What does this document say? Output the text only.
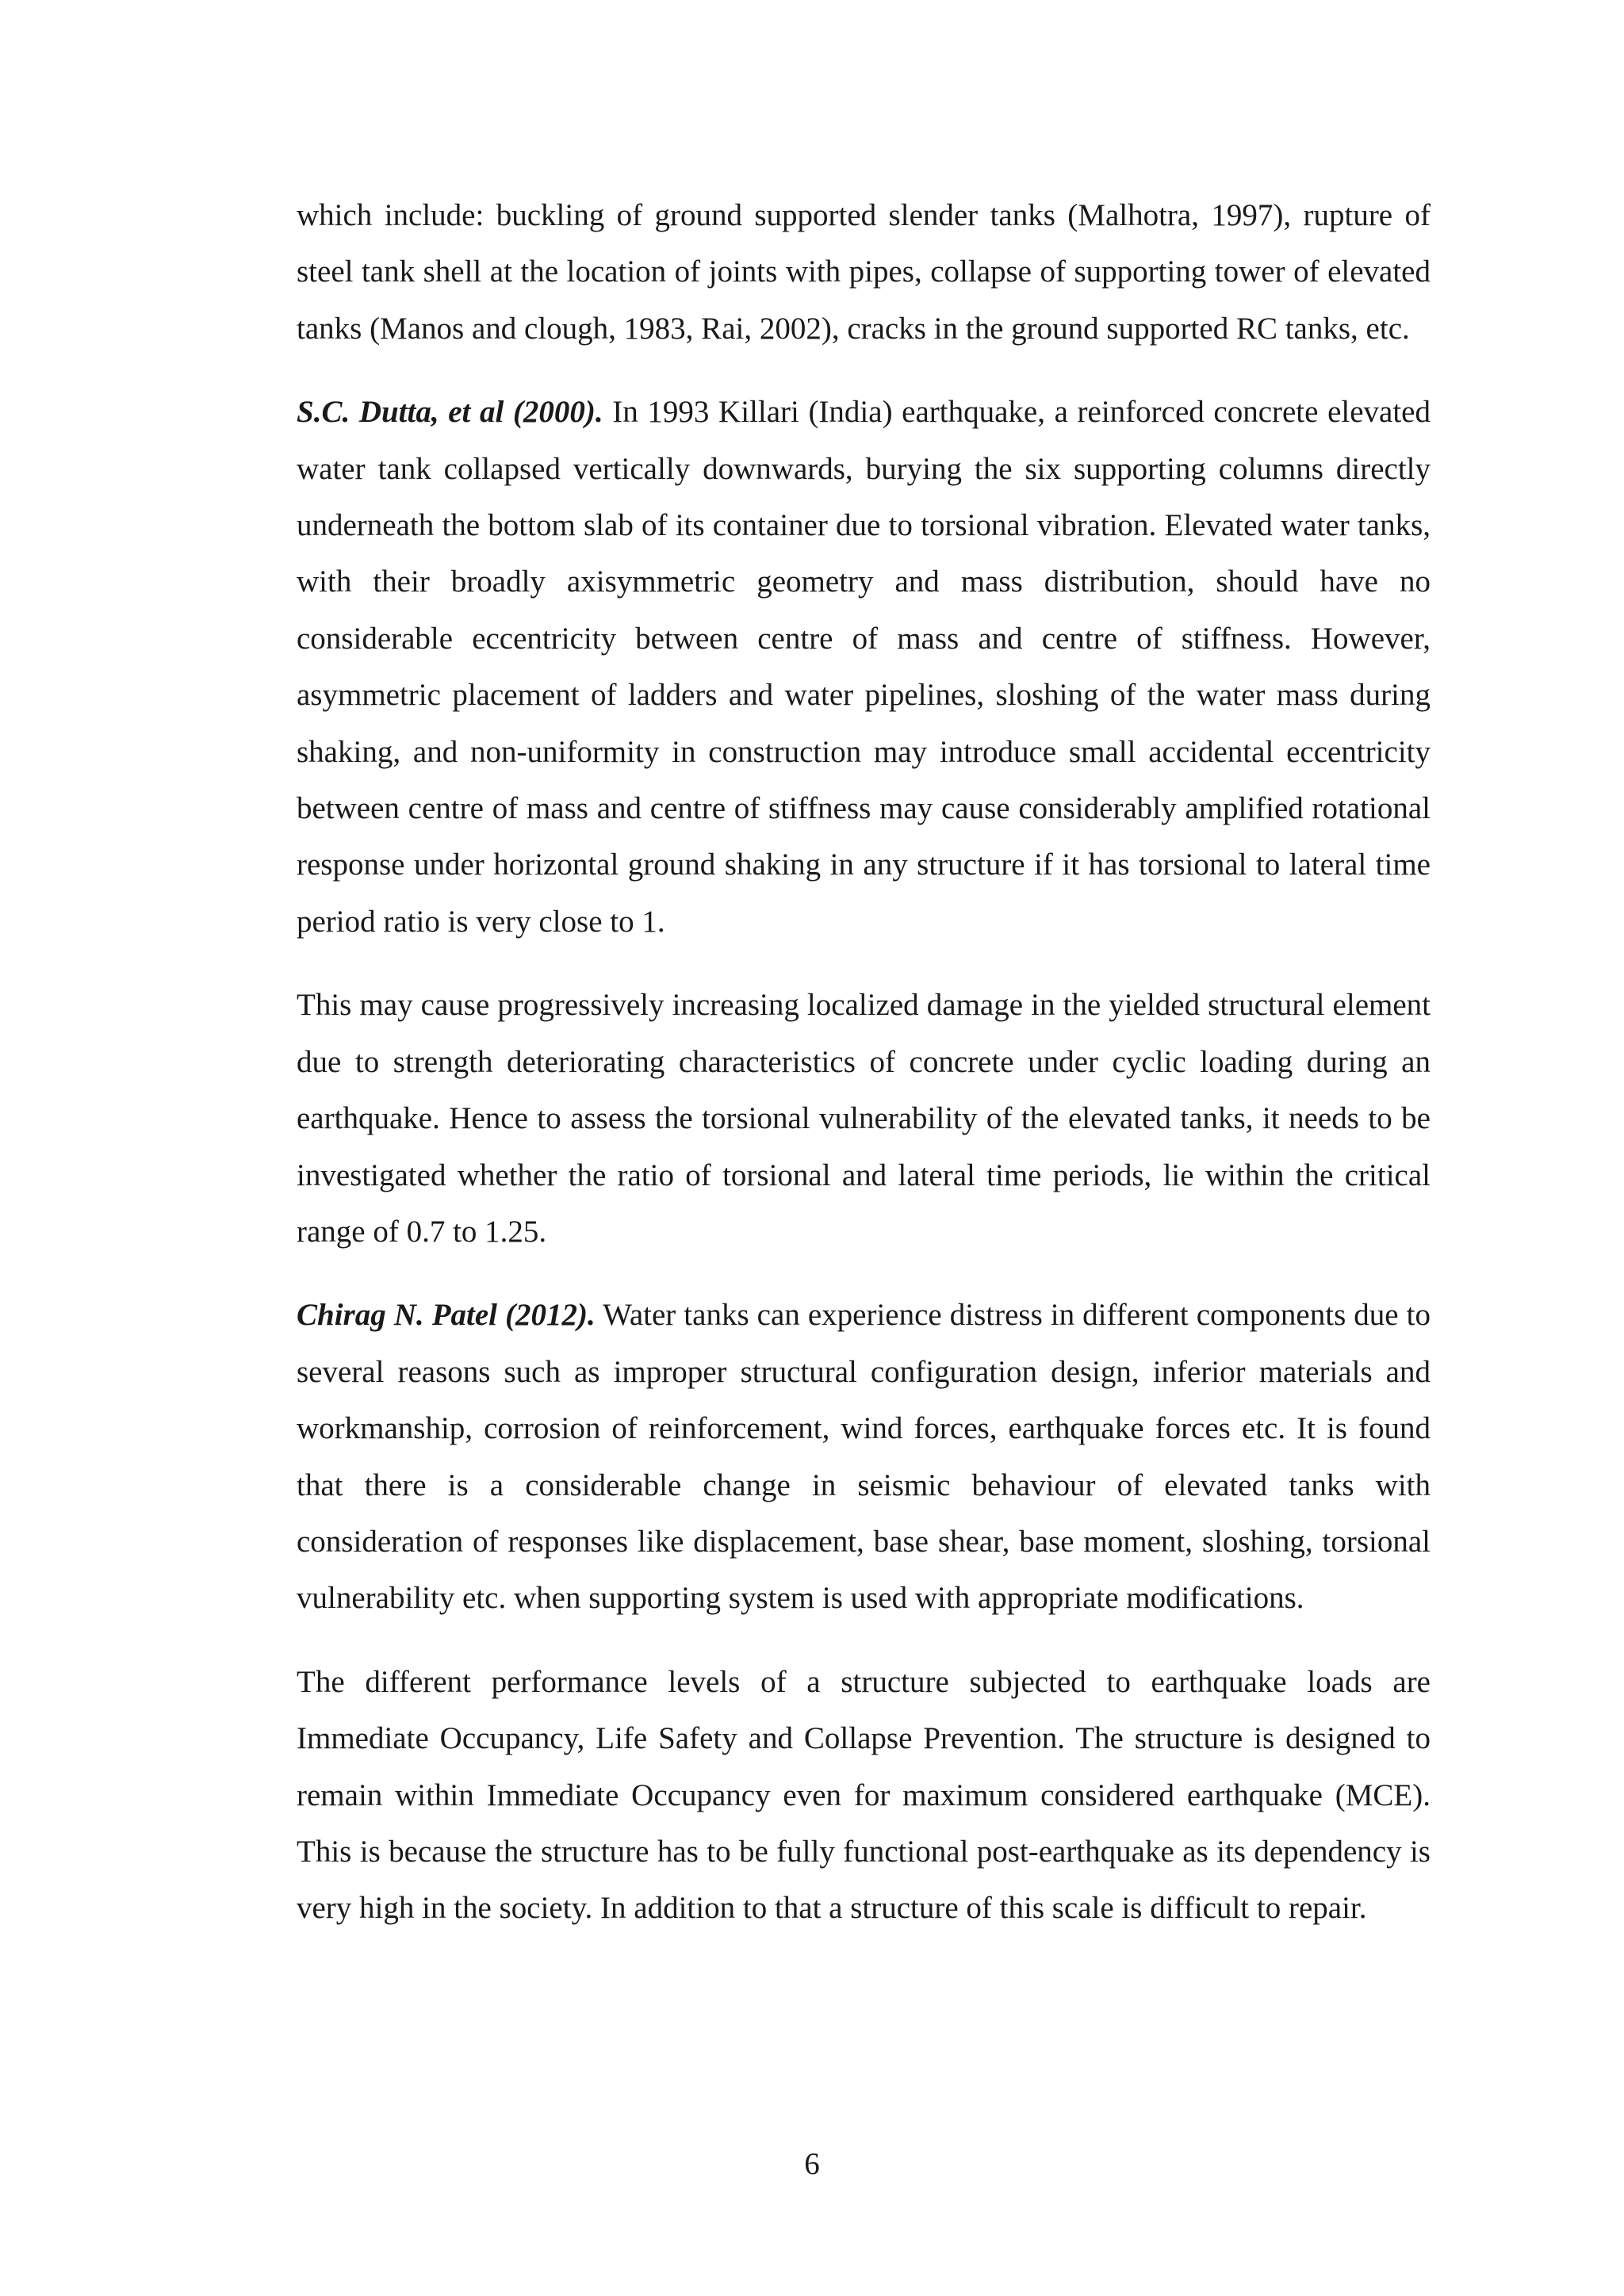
which include: buckling of ground supported slender tanks (Malhotra, 1997), rupture of steel tank shell at the location of joints with pipes, collapse of supporting tower of elevated tanks (Manos and clough, 1983, Rai, 2002), cracks in the ground supported RC tanks, etc.

S.C. Dutta, et al (2000). In 1993 Killari (India) earthquake, a reinforced concrete elevated water tank collapsed vertically downwards, burying the six supporting columns directly underneath the bottom slab of its container due to torsional vibration. Elevated water tanks, with their broadly axisymmetric geometry and mass distribution, should have no considerable eccentricity between centre of mass and centre of stiffness. However, asymmetric placement of ladders and water pipelines, sloshing of the water mass during shaking, and non-uniformity in construction may introduce small accidental eccentricity between centre of mass and centre of stiffness may cause considerably amplified rotational response under horizontal ground shaking in any structure if it has torsional to lateral time period ratio is very close to 1.

This may cause progressively increasing localized damage in the yielded structural element due to strength deteriorating characteristics of concrete under cyclic loading during an earthquake. Hence to assess the torsional vulnerability of the elevated tanks, it needs to be investigated whether the ratio of torsional and lateral time periods, lie within the critical range of 0.7 to 1.25.

Chirag N. Patel (2012). Water tanks can experience distress in different components due to several reasons such as improper structural configuration design, inferior materials and workmanship, corrosion of reinforcement, wind forces, earthquake forces etc. It is found that there is a considerable change in seismic behaviour of elevated tanks with consideration of responses like displacement, base shear, base moment, sloshing, torsional vulnerability etc. when supporting system is used with appropriate modifications.

The different performance levels of a structure subjected to earthquake loads are Immediate Occupancy, Life Safety and Collapse Prevention. The structure is designed to remain within Immediate Occupancy even for maximum considered earthquake (MCE). This is because the structure has to be fully functional post-earthquake as its dependency is very high in the society. In addition to that a structure of this scale is difficult to repair.

6
